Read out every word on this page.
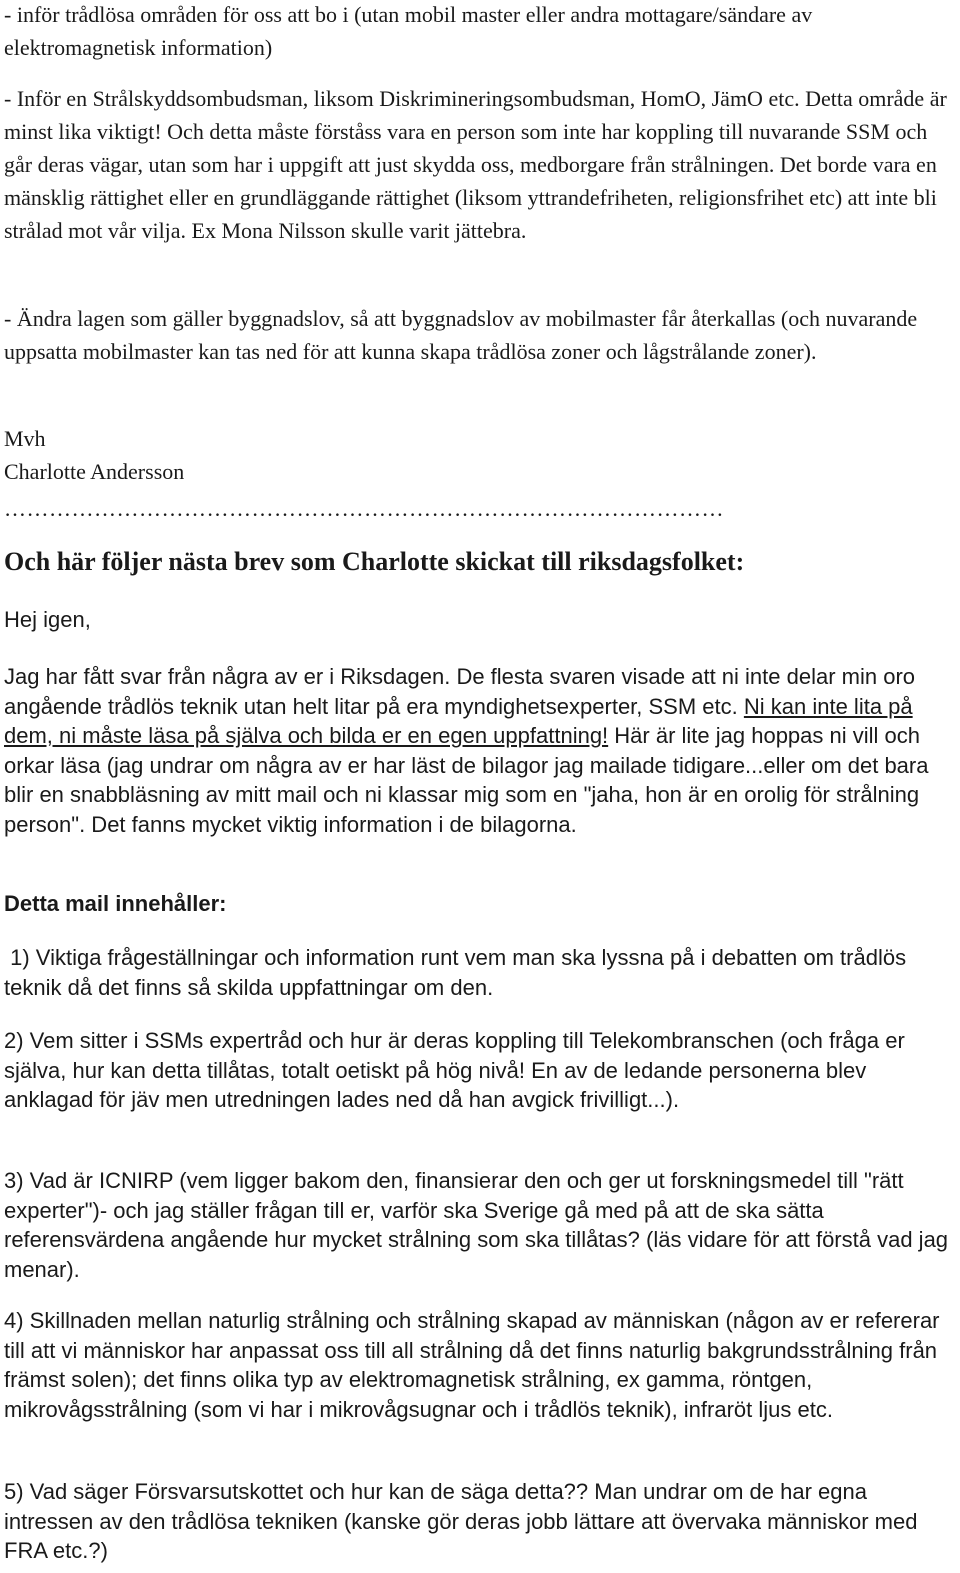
- inför trådlösa områden för oss att bo i (utan mobil master eller andra mottagare/sändare av elektromagnetisk information)

- Inför en Strålskyddsombudsman, liksom Diskrimineringsombudsman, HomO, JämO etc. Detta område är minst lika viktigt! Och detta måste förståss vara en person som inte har koppling till nuvarande SSM och går deras vägar, utan som har i uppgift att just skydda oss, medborgare från strålningen. Det borde vara en mänsklig rättighet eller en grundläggande rättighet (liksom yttrandefriheten, religionsfrihet etc) att inte bli strålad mot vår vilja. Ex Mona Nilsson skulle varit jättebra.

- Ändra lagen som gäller byggnadslov, så att byggnadslov av mobilmaster får återkallas (och nuvarande uppsatta mobilmaster kan tas ned för att kunna skapa trådlösa zoner och lågstrålande zoner).

Mvh

Charlotte Andersson

……………………………………………………………………………………
Och här följer nästa brev som Charlotte skickat till riksdagsfolket:

Hej igen,

Jag har fått svar från några av er i Riksdagen. De flesta svaren visade att ni inte delar min oro angående trådlös teknik utan helt litar på era myndighetsexperter, SSM etc. Ni kan inte lita på dem, ni måste läsa på själva och bilda er en egen uppfattning! Här är lite jag hoppas ni vill och orkar läsa (jag undrar om några av er har läst de bilagor jag mailade tidigare...eller om det bara blir en snabbläsning av mitt mail och ni klassar mig som en "jaha, hon är en orolig för strålning person". Det fanns mycket viktig information i de bilagorna.

Detta mail innehåller:

1) Viktiga frågeställningar och information runt vem man ska lyssna på i debatten om trådlös teknik då det finns så skilda uppfattningar om den.

2) Vem sitter i SSMs expertråd och hur är deras koppling till Telekombranschen (och fråga er själva, hur kan detta tillåtas, totalt oetiskt på hög nivå! En av de ledande personerna blev anklagad för jäv men utredningen lades ned då han avgick frivilligt...).

3) Vad är ICNIRP (vem ligger bakom den, finansierar den och ger ut forskningsmedel till "rätt experter")- och jag ställer frågan till er, varför ska Sverige gå med på att de ska sätta referensvärdena angående hur mycket strålning som ska tillåtas? (läs vidare för att förstå vad jag menar).

4) Skillnaden mellan naturlig strålning och strålning skapad av människan (någon av er refererar till att vi människor har anpassat oss till all strålning då det finns naturlig bakgrundsstrålning från främst solen); det finns olika typ av elektromagnetisk strålning, ex gamma, röntgen, mikrovågsstrålning (som vi har i mikrovågsugnar och i trådlös teknik), infraröt ljus etc.

5) Vad säger Försvarsutskottet och hur kan de säga detta?? Man undrar om de har egna intressen av den trådlösa tekniken (kanske gör deras jobb lättare att övervaka människor med FRA etc.?)
